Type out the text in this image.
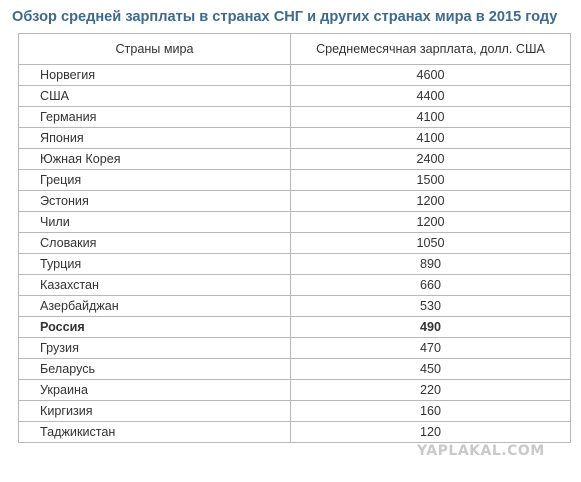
Обзор средней зарплаты в странах СНГ и других странах мира в 2015 году
Страны мира	Среднемесячная зарплата, долл. США
Норвегия	4600
США	4400
Германия	4100
Япония	4100
Южная Корея	2400
Греция	1500
Эстония	1200
Чили	1200
Словакия	1050
Турция	890
Казахстан	660
Азербайджан	530
Россия	490
Грузия	470
Беларусь	450
Украина	220
Киргизия	160
Таджикистан	120
YAPLAKAL.COM
